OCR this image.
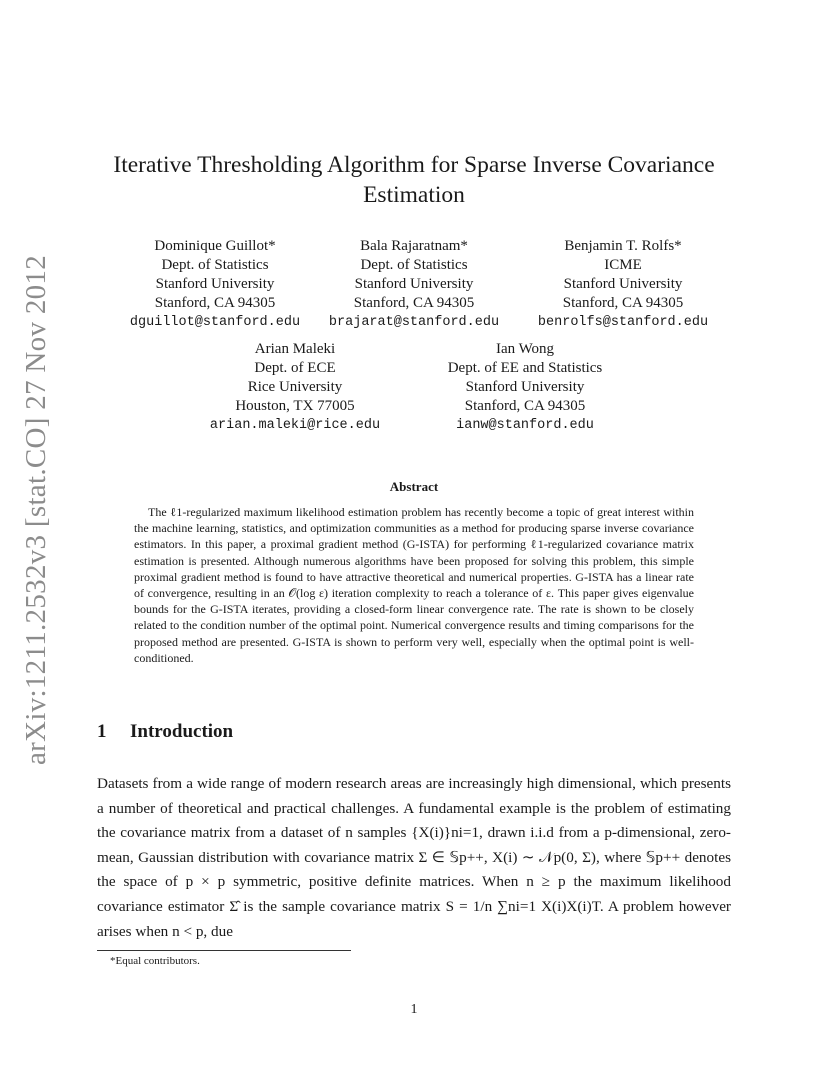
arXiv:1211.2532v3 [stat.CO] 27 Nov 2012
Iterative Thresholding Algorithm for Sparse Inverse Covariance Estimation
Dominique Guillot*
Dept. of Statistics
Stanford University
Stanford, CA 94305
dguillot@stanford.edu
Bala Rajaratnam*
Dept. of Statistics
Stanford University
Stanford, CA 94305
brajarat@stanford.edu
Benjamin T. Rolfs*
ICME
Stanford University
Stanford, CA 94305
benrolfs@stanford.edu
Arian Maleki
Dept. of ECE
Rice University
Houston, TX 77005
arian.maleki@rice.edu
Ian Wong
Dept. of EE and Statistics
Stanford University
Stanford, CA 94305
ianw@stanford.edu
Abstract

The ℓ1-regularized maximum likelihood estimation problem has recently become a topic of great interest within the machine learning, statistics, and optimization communities as a method for producing sparse inverse covariance estimators. In this paper, a proximal gradient method (G-ISTA) for performing ℓ1-regularized covariance matrix estimation is presented. Although numerous algorithms have been proposed for solving this problem, this simple proximal gradient method is found to have attractive theoretical and numerical properties. G-ISTA has a linear rate of convergence, resulting in an 𝒪(log ε) iteration complexity to reach a tolerance of ε. This paper gives eigenvalue bounds for the G-ISTA iterates, providing a closed-form linear convergence rate. The rate is shown to be closely related to the condition number of the optimal point. Numerical convergence results and timing comparisons for the proposed method are presented. G-ISTA is shown to perform very well, especially when the optimal point is well-conditioned.

1 Introduction

Datasets from a wide range of modern research areas are increasingly high dimensional, which presents a number of theoretical and practical challenges. A fundamental example is the problem of estimating the covariance matrix from a dataset of n samples {X(i)}ni=1, drawn i.i.d from a p-dimensional, zero-mean, Gaussian distribution with covariance matrix Σ ∈ 𝕊p++, X(i) ∼ 𝒩p(0, Σ), where 𝕊p++ denotes the space of p × p symmetric, positive definite matrices. When n ≥ p the maximum likelihood covariance estimator Σ̂ is the sample covariance matrix S = 1/n ∑ni=1 X(i)X(i)T. A problem however arises when n < p, due

*Equal contributors.
1
